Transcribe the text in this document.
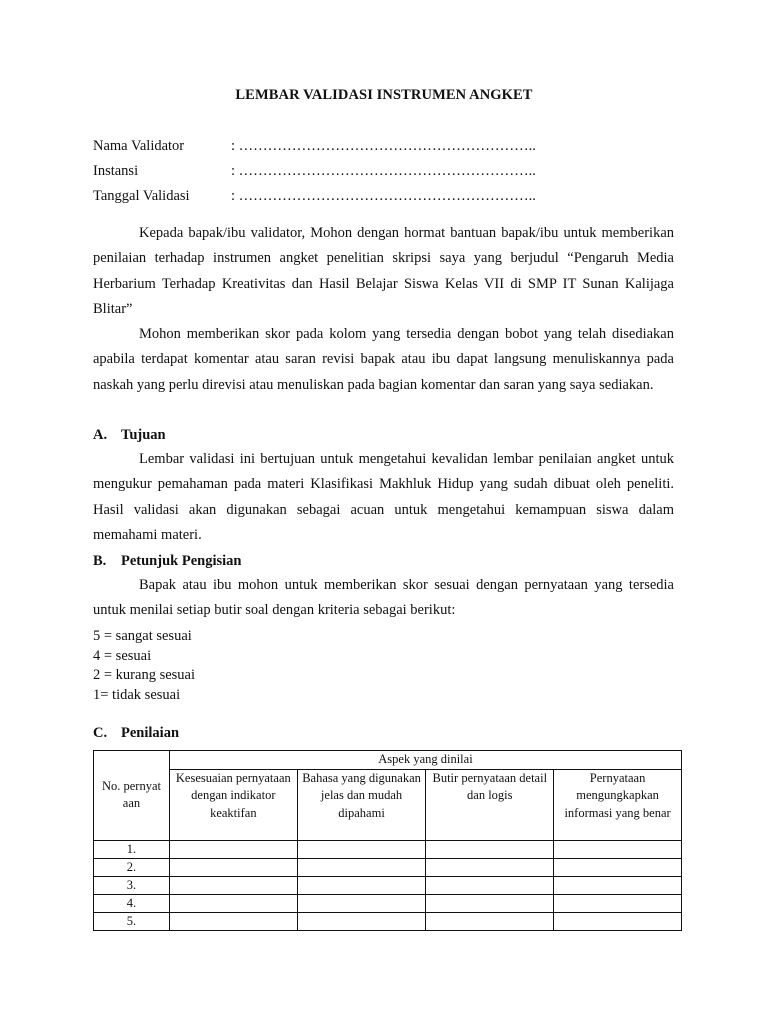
LEMBAR VALIDASI INSTRUMEN ANGKET
Nama Validator	: ……………………………………………………..
Instansi	: ……………………………………………………..
Tanggal Validasi	: ……………………………………………………..

Kepada bapak/ibu validator, Mohon dengan hormat bantuan bapak/ibu untuk memberikan penilaian terhadap instrumen angket penelitian skripsi saya yang berjudul “Pengaruh Media Herbarium Terhadap Kreativitas dan Hasil Belajar Siswa Kelas VII di SMP IT Sunan Kalijaga Blitar”

Mohon memberikan skor pada kolom yang tersedia dengan bobot yang telah disediakan apabila terdapat komentar atau saran revisi bapak atau ibu dapat langsung menuliskannya pada naskah yang perlu direvisi atau menuliskan pada bagian komentar dan saran yang saya sediakan.

A. Tujuan

Lembar validasi ini bertujuan untuk mengetahui kevalidan lembar penilaian angket untuk mengukur pemahaman pada materi Klasifikasi Makhluk Hidup yang sudah dibuat oleh peneliti. Hasil validasi akan digunakan sebagai acuan untuk mengetahui kemampuan siswa dalam memahami materi.

B. Petunjuk Pengisian

Bapak atau ibu mohon untuk memberikan skor sesuai dengan pernyataan yang tersedia untuk menilai setiap butir soal dengan kriteria sebagai berikut:

5 = sangat sesuai
4 = sesuai
2 = kurang sesuai
1= tidak sesuai
C. Penilaian
No. pernyataan	Aspek yang dinilai			
	Kesesuaian pernyataan dengan indikator keaktifan	Bahasa yang digunakan jelas dan mudah dipahami	Butir pernyataan detail dan logis	Pernyataan mengungkapkan informasi yang benar
1.				
2.				
3.				
4.				
5.				
